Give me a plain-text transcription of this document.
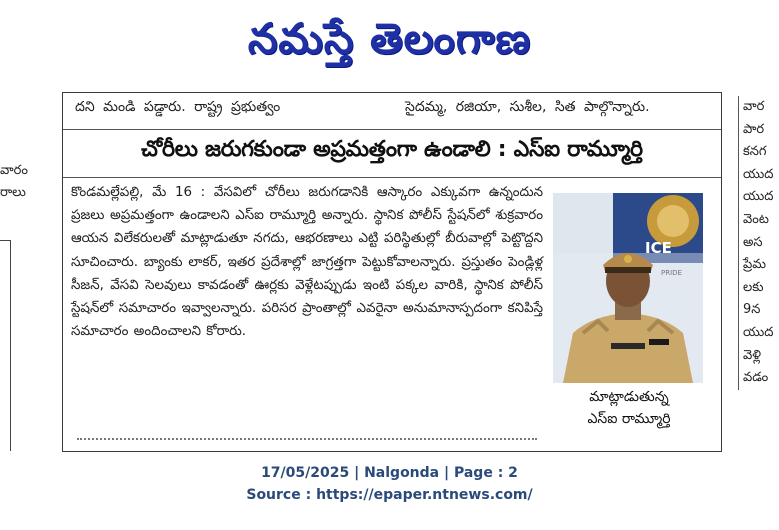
నమస్తే తెలంగాణ
వారం
రాలు
దని మండి పడ్డారు. రాష్ట్ర ప్రభుత్వం	సైదమ్మ, రజియా, సుశీల, సిత పాల్గొన్నారు.
చోరీలు జరుగకుండా అప్రమత్తంగా ఉండాలి : ఎస్ఐ రామ్మూర్తి
కొండమల్లేపల్లి, మే 16 : వేసవిలో చోరీలు జరుగడానికి ఆస్కారం ఎక్కువగా ఉన్నందున ప్రజలు అప్రమత్తంగా ఉండాలని ఎస్ఐ రామ్మూర్తి అన్నారు. స్థానిక పోలీస్ స్టేషన్‌లో శుక్రవారం ఆయన విలేకరులతో మాట్లాడుతూ నగదు, ఆభరణాలు ఎట్టి పరిస్థితుల్లో బీరువాల్లో పెట్టొద్దని సూచించారు. బ్యాంకు లాకర్, ఇతర ప్రదేశాల్లో జాగ్రత్తగా పెట్టుకోవాలన్నారు. ప్రస్తుతం పెండ్లిళ్ల సీజన్, వేసవి సెలవులు కావడంతో ఊర్లకు వెళ్లేటప్పుడు ఇంటి పక్కల వారికి, స్థానిక పోలీస్ స్టేషన్‌లో సమాచారం ఇవ్వాలన్నారు. పరిసర ప్రాంతాల్లో ఎవరైనా అనుమానాస్పదంగా కనిపిస్తే సమాచారం అందించాలని కోరారు.
ICE
PRIDE
మాట్లాడుతున్న
ఎస్ఐ రామ్మూర్తి
వార
పార
కనగ
యుద
యుద
వెంట
అస
ప్రేమ
లకు
9న
యుద
వెళ్లి
వడం
17/05/2025 | Nalgonda | Page : 2
Source : https://epaper.ntnews.com/
